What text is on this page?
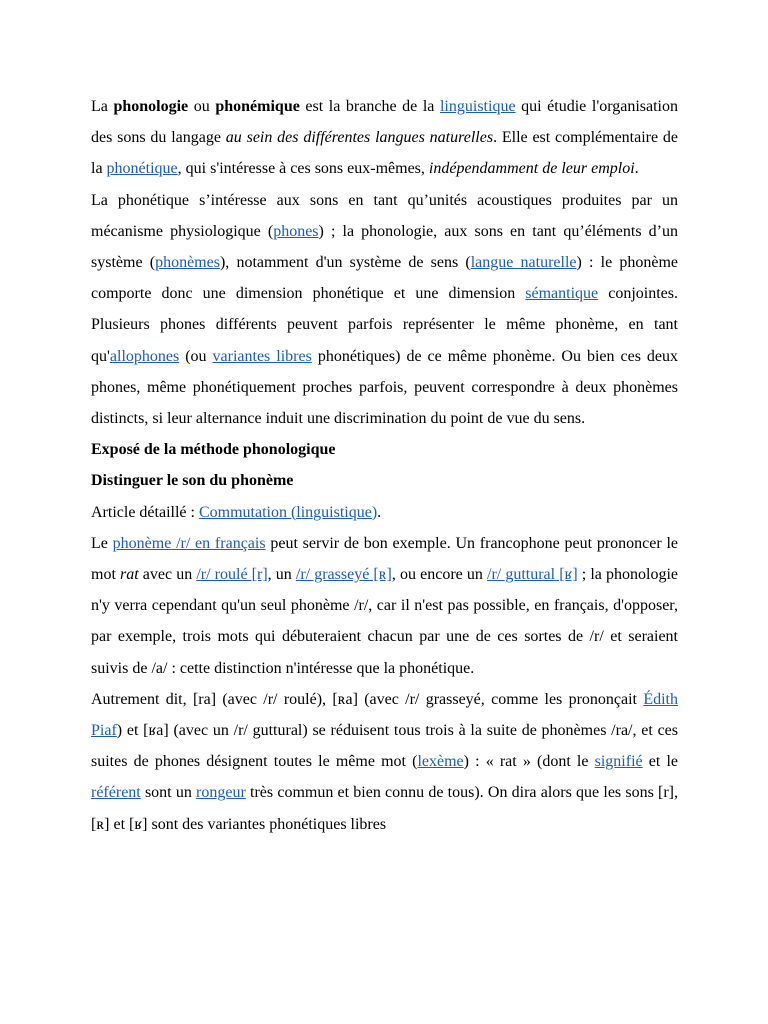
La phonologie ou phonémique est la branche de la linguistique qui étudie l'organisation des sons du langage au sein des différentes langues naturelles. Elle est complémentaire de la phonétique, qui s'intéresse à ces sons eux-mêmes, indépendamment de leur emploi.

La phonétique s’intéresse aux sons en tant qu’unités acoustiques produites par un mécanisme physiologique (phones) ; la phonologie, aux sons en tant qu’éléments d’un système (phonèmes), notamment d'un système de sens (langue naturelle) : le phonème comporte donc une dimension phonétique et une dimension sémantique conjointes. Plusieurs phones différents peuvent parfois représenter le même phonème, en tant qu'allophones (ou variantes libres phonétiques) de ce même phonème. Ou bien ces deux phones, même phonétiquement proches parfois, peuvent correspondre à deux phonèmes distincts, si leur alternance induit une discrimination du point de vue du sens.

Exposé de la méthode phonologique

Distinguer le son du phonème

Article détaillé : Commutation (linguistique).

Le phonème /r/ en français peut servir de bon exemple. Un francophone peut prononcer le mot rat avec un /r/ roulé [r], un /r/ grasseyé [ʀ], ou encore un /r/ guttural [ʁ] ; la phonologie n'y verra cependant qu'un seul phonème /r/, car il n'est pas possible, en français, d'opposer, par exemple, trois mots qui débuteraient chacun par une de ces sortes de /r/ et seraient suivis de /a/ : cette distinction n'intéresse que la phonétique.

Autrement dit, [ra] (avec /r/ roulé), [ʀa] (avec /r/ grasseyé, comme les prononçait Édith Piaf) et [ʁa] (avec un /r/ guttural) se réduisent tous trois à la suite de phonèmes /ra/, et ces suites de phones désignent toutes le même mot (lexème) : « rat » (dont le signifié et le référent sont un rongeur très commun et bien connu de tous). On dira alors que les sons [r], [ʀ] et [ʁ] sont des variantes phonétiques libres
